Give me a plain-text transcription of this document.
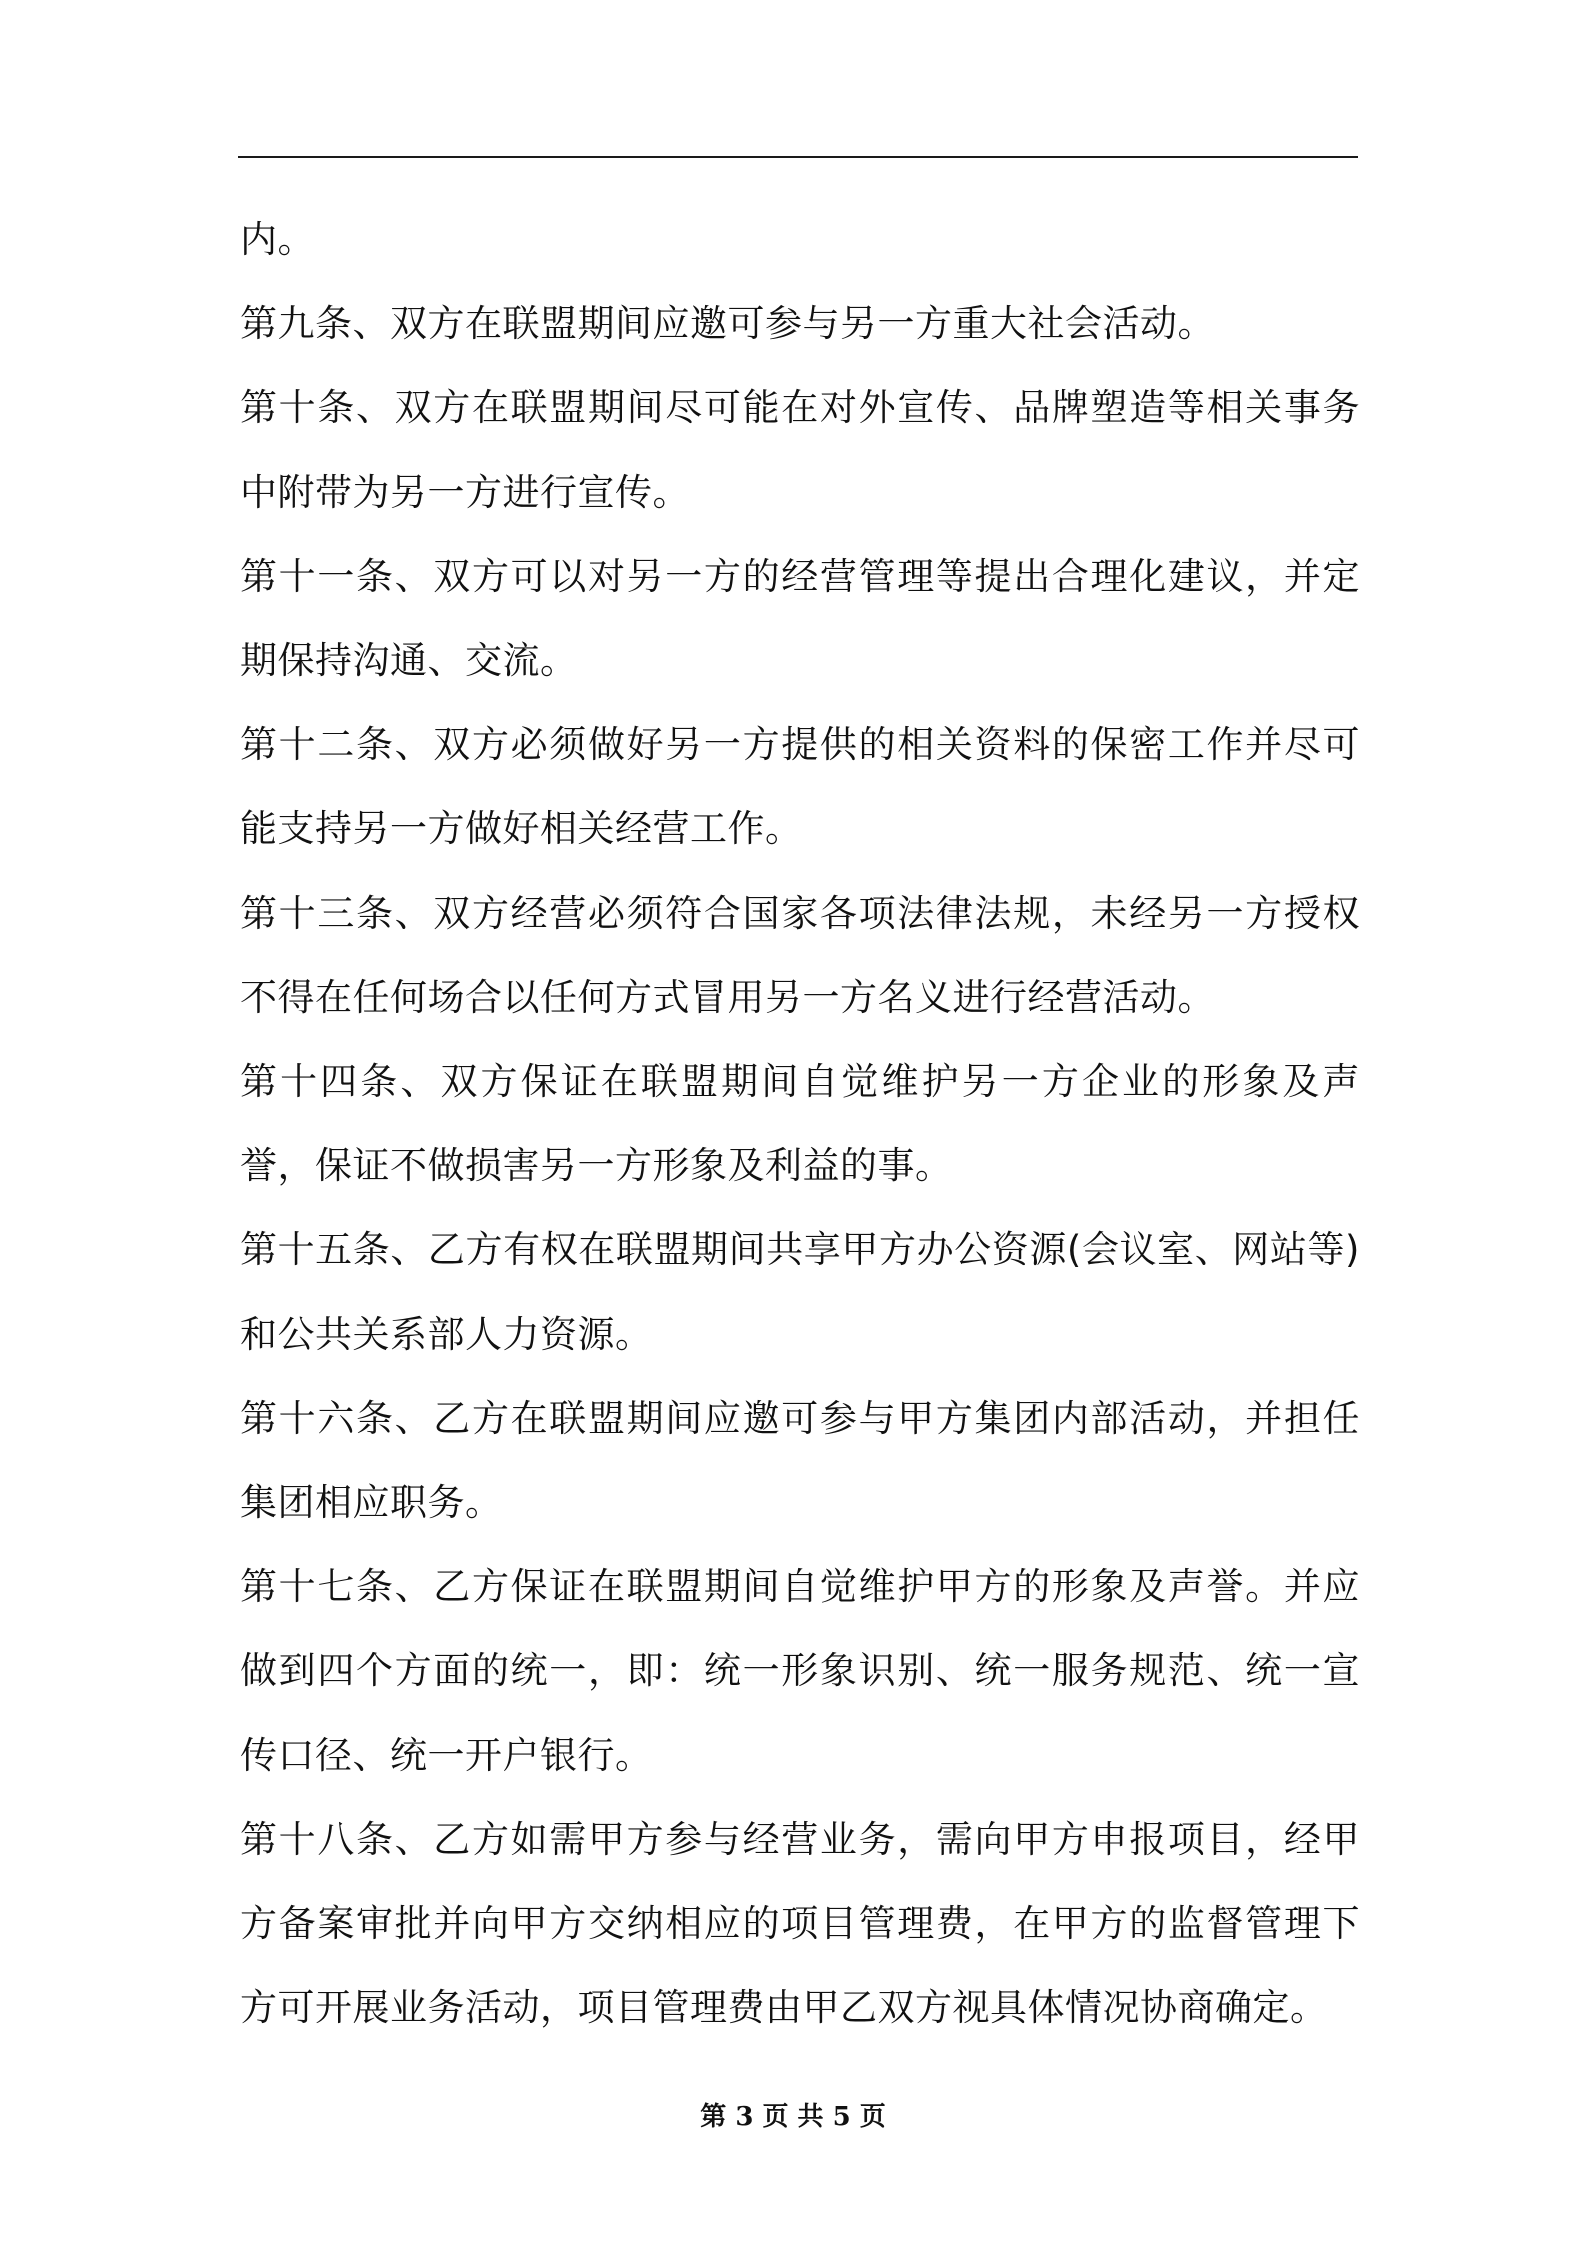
内。

第九条、双方在联盟期间应邀可参与另一方重大社会活动。

第十条、双方在联盟期间尽可能在对外宣传、品牌塑造等相关事务中附带为另一方进行宣传。

第十一条、双方可以对另一方的经营管理等提出合理化建议，并定期保持沟通、交流。

第十二条、双方必须做好另一方提供的相关资料的保密工作并尽可能支持另一方做好相关经营工作。

第十三条、双方经营必须符合国家各项法律法规，未经另一方授权不得在任何场合以任何方式冒用另一方名义进行经营活动。

第十四条、双方保证在联盟期间自觉维护另一方企业的形象及声誉，保证不做损害另一方形象及利益的事。

第十五条、乙方有权在联盟期间共享甲方办公资源(会议室、网站等)和公共关系部人力资源。

第十六条、乙方在联盟期间应邀可参与甲方集团内部活动，并担任集团相应职务。

第十七条、乙方保证在联盟期间自觉维护甲方的形象及声誉。并应做到四个方面的统一，即：统一形象识别、统一服务规范、统一宣传口径、统一开户银行。

第十八条、乙方如需甲方参与经营业务，需向甲方申报项目，经甲方备案审批并向甲方交纳相应的项目管理费，在甲方的监督管理下方可开展业务活动，项目管理费由甲乙双方视具体情况协商确定。

第 3 页 共 5 页
